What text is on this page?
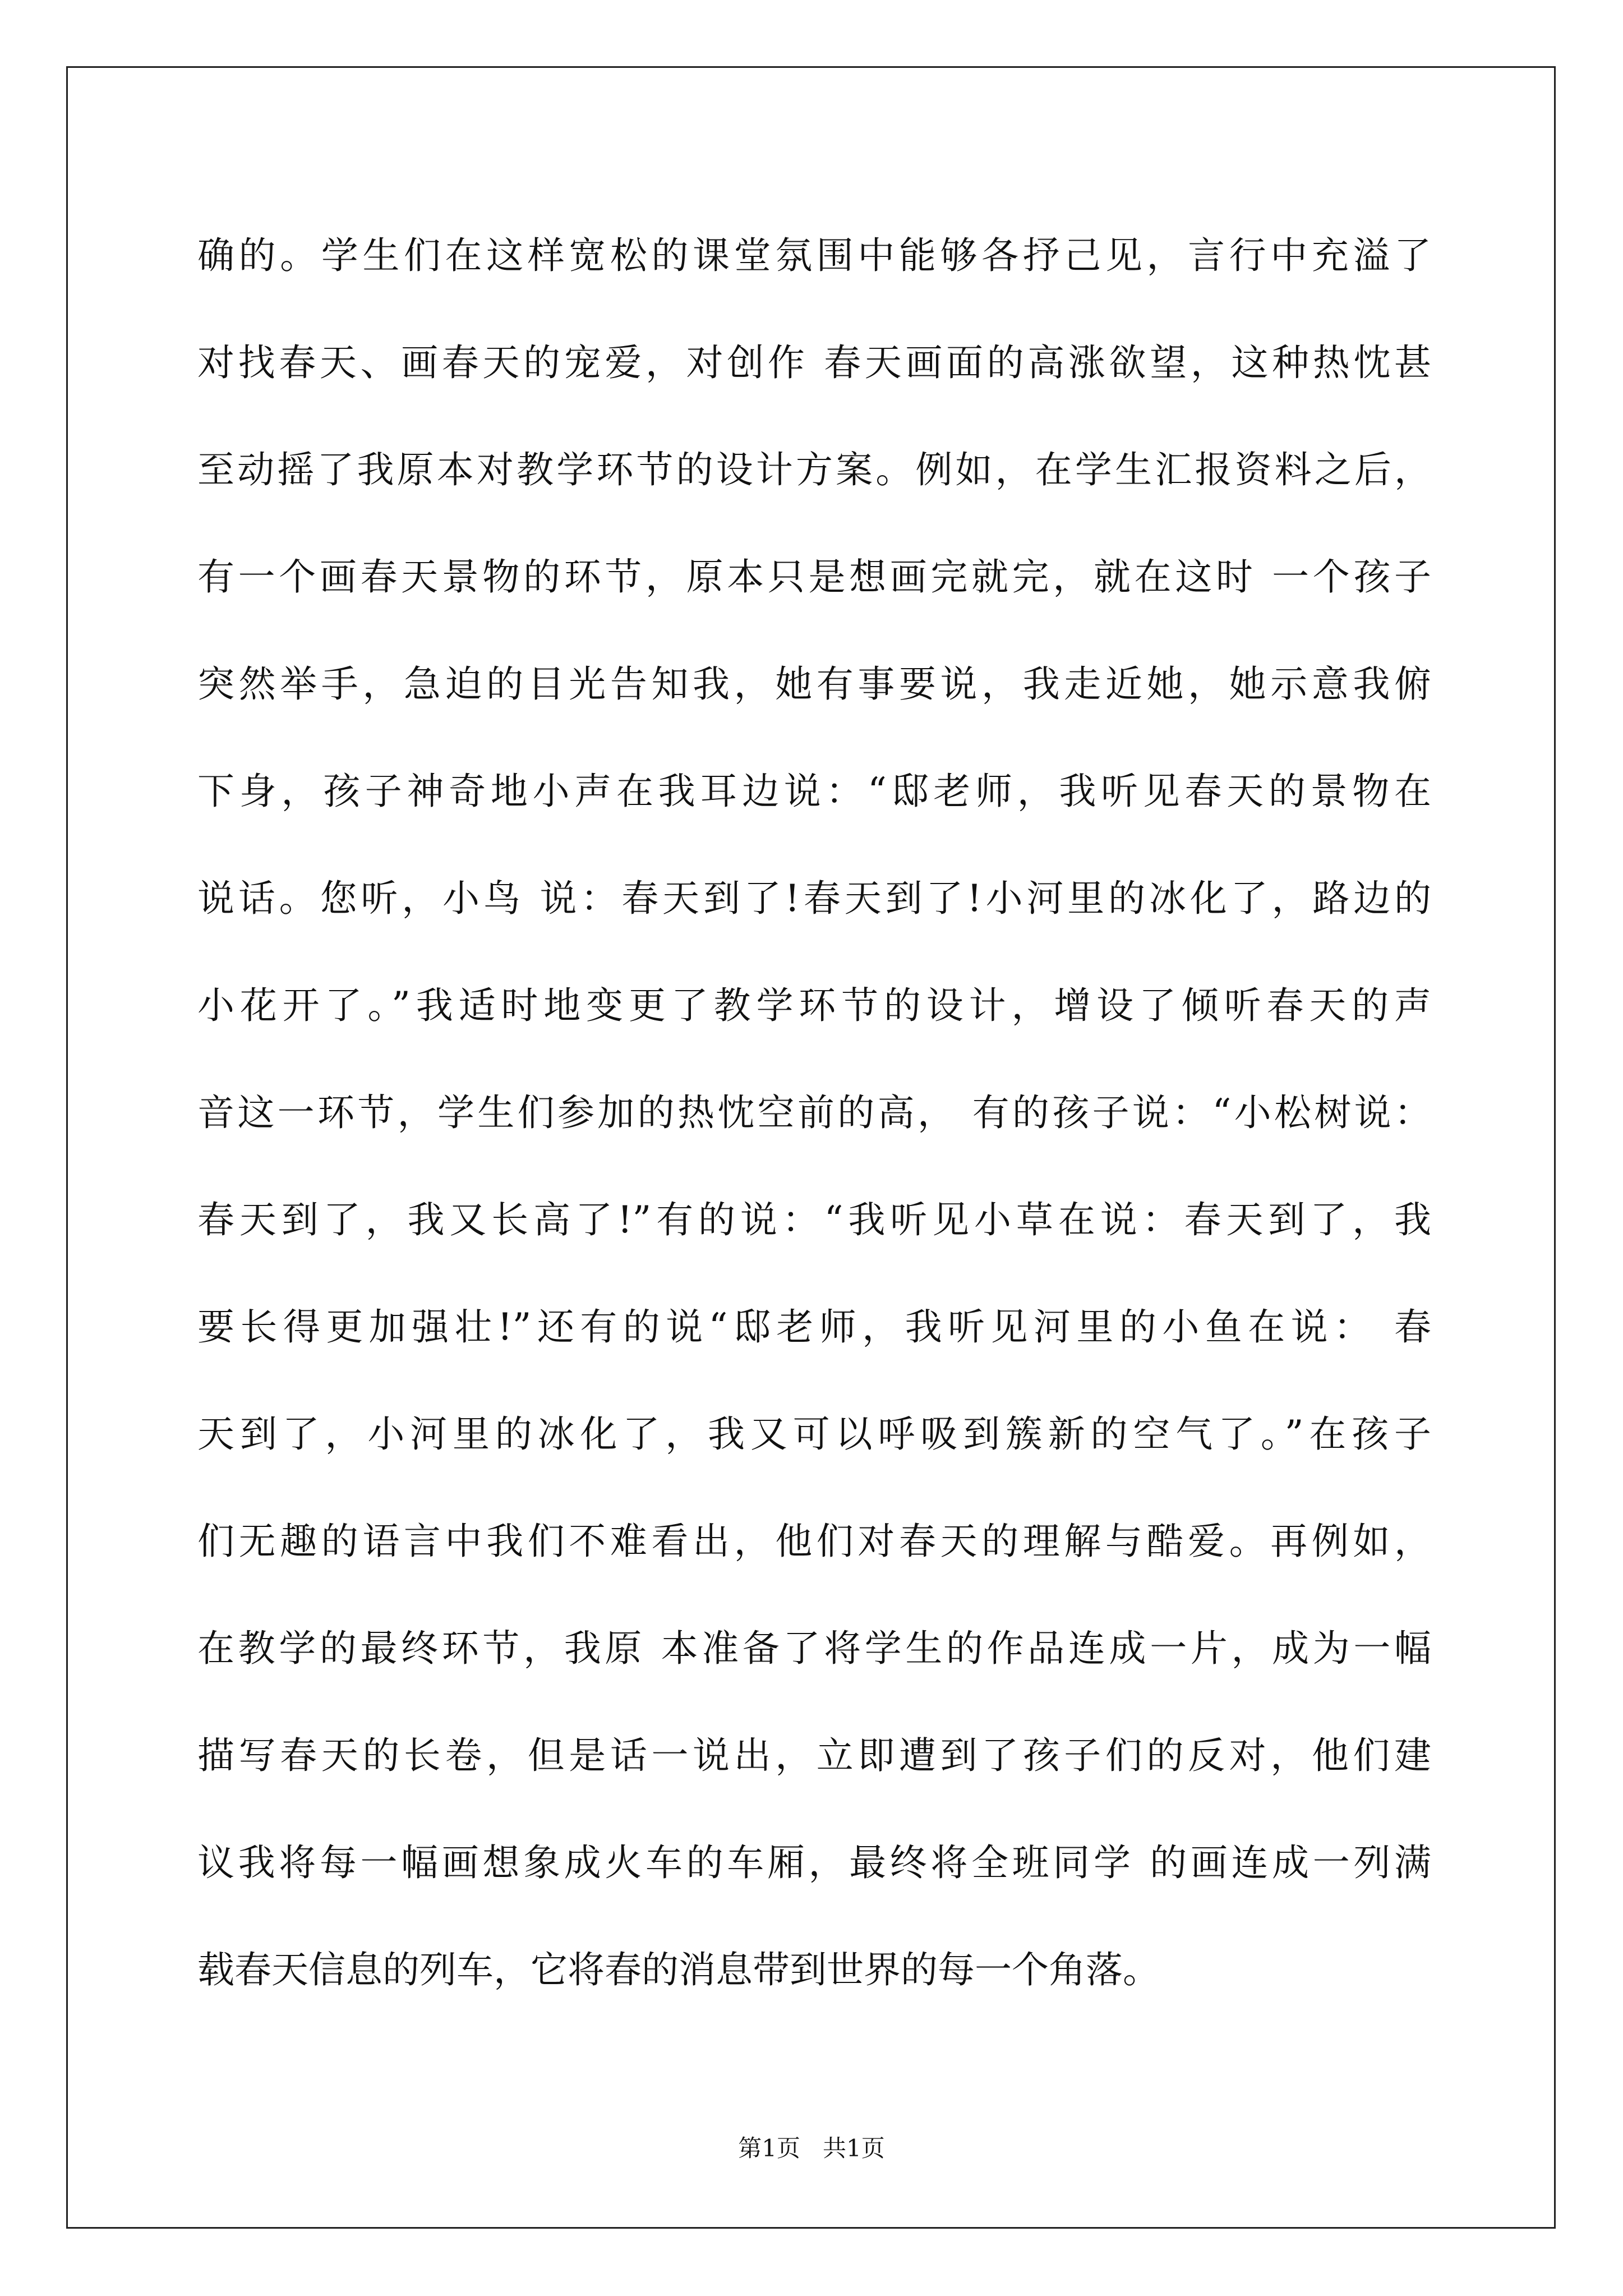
确的。学生们在这样宽松的课堂氛围中能够各抒己见，言行中充溢了
对找春天、画春天的宠爱，对创作 春天画面的高涨欲望，这种热忱甚
至动摇了我原本对教学环节的设计方案。例如，在学生汇报资料之后，
有一个画春天景物的环节，原本只是想画完就完，就在这时 一个孩子
突然举手，急迫的目光告知我，她有事要说，我走近她，她示意我俯
下身，孩子神奇地小声在我耳边说：“邸老师，我听见春天的景物在
说话。您听，小鸟 说：春天到了!春天到了!小河里的冰化了，路边的
小花开了。”我适时地变更了教学环节的设计，增设了倾听春天的声
音这一环节，学生们参加的热忱空前的高， 有的孩子说：“小松树说：
春天到了，我又长高了!”有的说：“我听见小草在说：春天到了，我
要长得更加强壮!”还有的说“邸老师，我听见河里的小鱼在说： 春
天到了，小河里的冰化了，我又可以呼吸到簇新的空气了。”在孩子
们无趣的语言中我们不难看出，他们对春天的理解与酷爱。再例如，
在教学的最终环节，我原 本准备了将学生的作品连成一片，成为一幅
描写春天的长卷，但是话一说出，立即遭到了孩子们的反对，他们建
议我将每一幅画想象成火车的车厢，最终将全班同学 的画连成一列满
载春天信息的列车，它将春的消息带到世界的每一个角落。
第1页 共1页
